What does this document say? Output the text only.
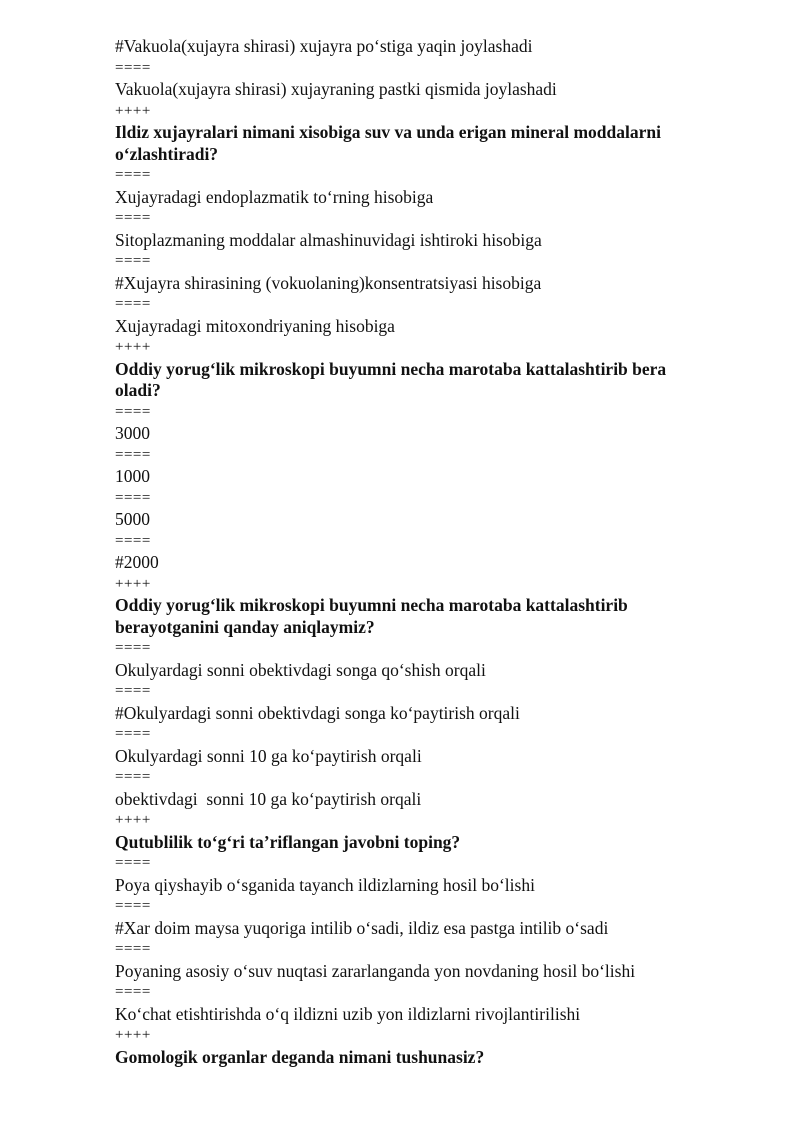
#Vakuola(xujayra shirasi) xujayra po‘stiga yaqin joylashadi
====
Vakuola(xujayra shirasi) xujayraning pastki qismida joylashadi
++++
Ildiz xujayralari nimani xisobiga suv va unda erigan mineral moddalarni o‘zlashtiradi?
====
Xujayradagi endoplazmatik to‘rning hisobiga
====
Sitoplazmaning moddalar almashinuvidagi ishtiroki hisobiga
====
#Xujayra shirasining (vokuolaning)konsentratsiyasi hisobiga
====
Xujayradagi mitoxondriyaning hisobiga
++++
Oddiy yorug‘lik mikroskopi buyumni necha marotaba kattalashtirib bera oladi?
====
3000
====
1000
====
5000
====
#2000
++++
Oddiy yorug‘lik mikroskopi buyumni necha marotaba kattalashtirib berayotganini qanday aniqlaymiz?
====
Okulyardagi sonni obektivdagi songa qo‘shish orqali
====
#Okulyardagi sonni obektivdagi songa ko‘paytirish orqali
====
Okulyardagi sonni 10 ga ko‘paytirish orqali
====
obektivdagi  sonni 10 ga ko‘paytirish orqali
++++
Qutublilik to‘g‘ri ta’riflangan javobni toping?
====
Poya qiyshayib o‘sganida tayanch ildizlarning hosil bo‘lishi
====
#Xar doim maysa yuqoriga intilib o‘sadi, ildiz esa pastga intilib o‘sadi
====
Poyaning asosiy o‘suv nuqtasi zararlanganda yon novdaning hosil bo‘lishi
====
Ko‘chat etishtirishda o‘q ildizni uzib yon ildizlarni rivojlantirilishi
++++
Gomologik organlar deganda nimani tushunasiz?
